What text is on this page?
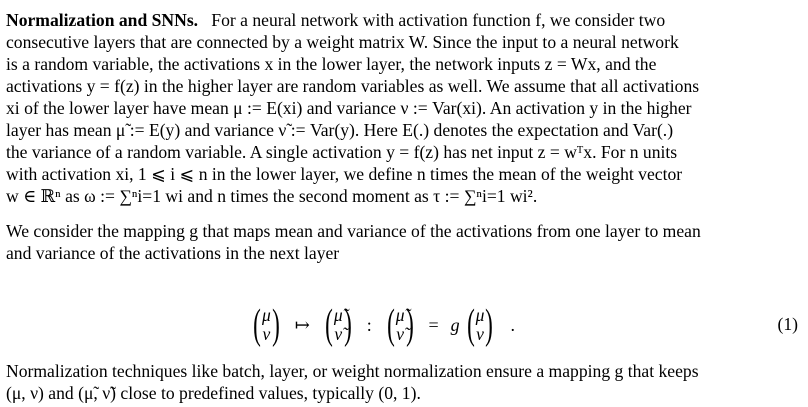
Normalization and SNNs. For a neural network with activation function f, we consider two
consecutive layers that are connected by a weight matrix W. Since the input to a neural network
is a random variable, the activations x in the lower layer, the network inputs z = Wx, and the
activations y = f(z) in the higher layer are random variables as well. We assume that all activations
xi of the lower layer have mean μ := E(xi) and variance ν := Var(xi). An activation y in the higher
layer has mean μ̃ := E(y) and variance ν̃ := Var(y). Here E(.) denotes the expectation and Var(.)
the variance of a random variable. A single activation y = f(z) has net input z = wᵀx. For n units
with activation xi, 1 ⩽ i ⩽ n in the lower layer, we define n times the mean of the weight vector
w ∈ ℝⁿ as ω := ∑ⁿi=1 wi and n times the second moment as τ := ∑ⁿi=1 wi².
We consider the mapping g that maps mean and variance of the activations from one layer to mean
and variance of the activations in the next layer
( μ
ν ) ↦ ( μ̃
ν̃ ) : ( μ̃
ν̃ ) = g ( μ
ν ) .	(1)
Normalization techniques like batch, layer, or weight normalization ensure a mapping g that keeps
(μ, ν) and (μ̃, ν̃) close to predefined values, typically (0, 1).
